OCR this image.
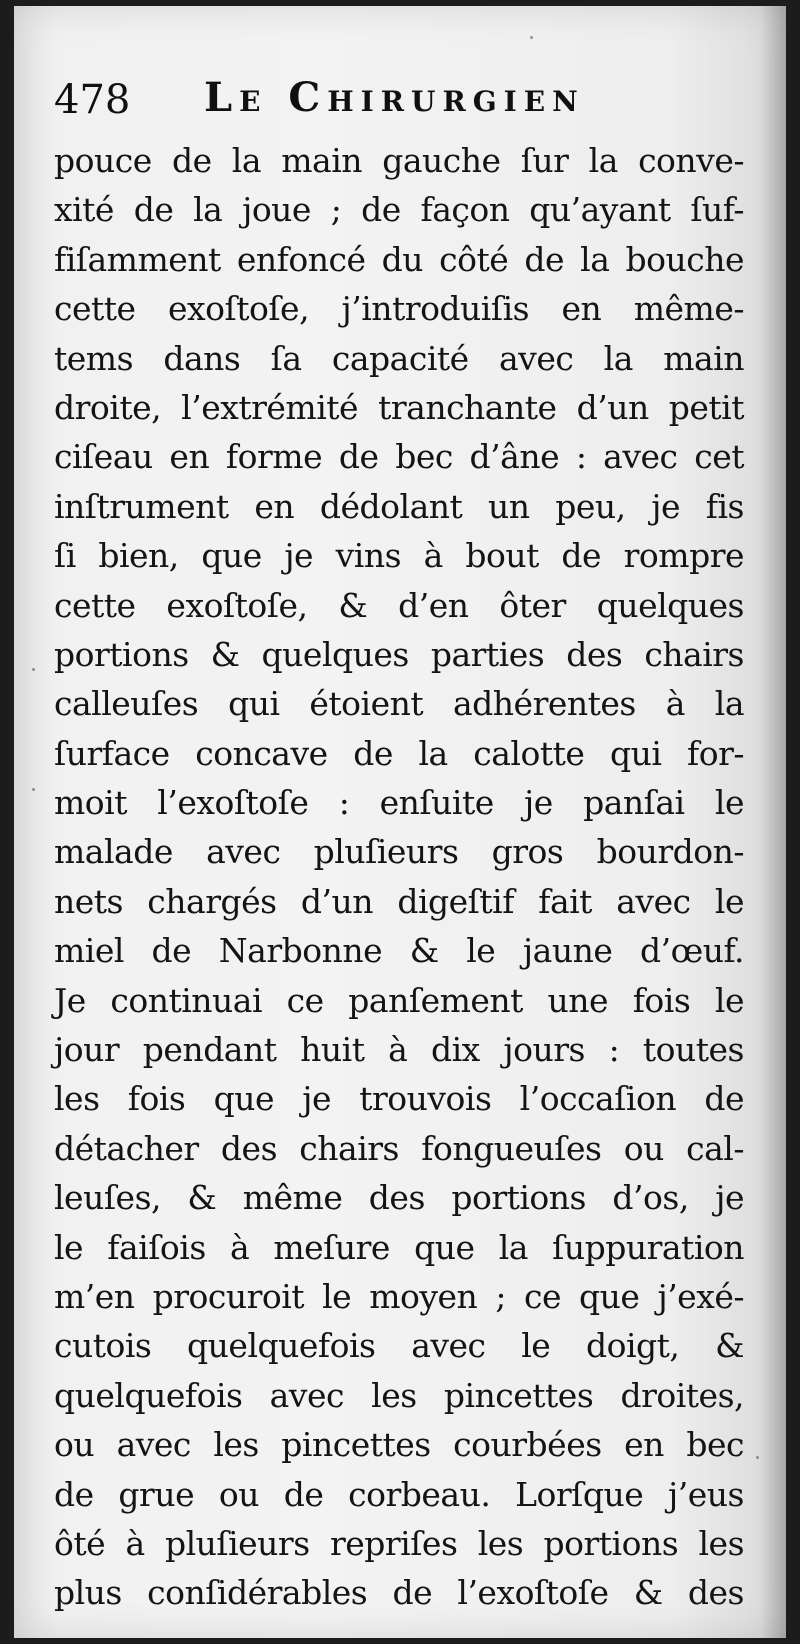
478 Le Chirurgien
pouce de la main gauche ſur la conve-
xité de la joue ; de façon qu’ayant ſuf-
fiſamment enfoncé du côté de la bouche
cette exoſtoſe, j’introduiſis en même-
tems dans ſa capacité avec la main
droite, l’extrémité tranchante d’un petit
ciſeau en forme de bec d’âne : avec cet
inſtrument en dédolant un peu, je fis
ſi bien, que je vins à bout de rompre
cette exoſtoſe, & d’en ôter quelques
portions & quelques parties des chairs
calleuſes qui étoient adhérentes à la
ſurface concave de la calotte qui for-
moit l’exoſtoſe : enſuite je panſai le
malade avec pluſieurs gros bourdon-
nets chargés d’un digeſtif fait avec le
miel de Narbonne & le jaune d’œuf.
Je continuai ce panſement une fois le
jour pendant huit à dix jours : toutes
les fois que je trouvois l’occaſion de
détacher des chairs fongueuſes ou cal-
leuſes, & même des portions d’os, je
le faiſois à meſure que la ſuppuration
m’en procuroit le moyen ; ce que j’exé-
cutois quelquefois avec le doigt, &
quelquefois avec les pincettes droites,
ou avec les pincettes courbées en bec
de grue ou de corbeau. Lorſque j’eus
ôté à pluſieurs repriſes les portions les
plus conſidérables de l’exoſtoſe & des
